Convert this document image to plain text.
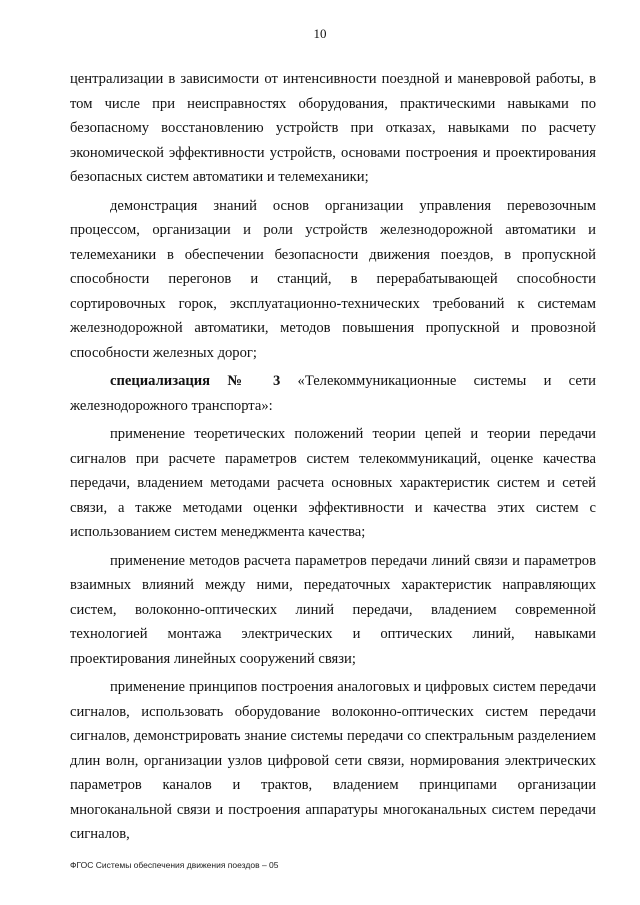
10

централизации в зависимости от интенсивности поездной и маневровой работы, в том числе при неисправностях оборудования, практическими навыками по безопасному восстановлению устройств при отказах, навыками по расчету экономической эффективности устройств, основами построения и проектирования безопасных систем автоматики и телемеханики;

демонстрация знаний основ организации управления перевозочным процессом, организации и роли устройств железнодорожной автоматики и телемеханики в обеспечении безопасности движения поездов, в пропускной способности перегонов и станций, в перерабатывающей способности сортировочных горок, эксплуатационно-технических требований к системам железнодорожной автоматики, методов повышения пропускной и провозной способности железных дорог;

специализация № 3 «Телекоммуникационные системы и сети железнодорожного транспорта»:

применение теоретических положений теории цепей и теории передачи сигналов при расчете параметров систем телекоммуникаций, оценке качества передачи, владением методами расчета основных характеристик систем и сетей связи, а также методами оценки эффективности и качества этих систем с использованием систем менеджмента качества;

применение методов расчета параметров передачи линий связи и параметров взаимных влияний между ними, передаточных характеристик направляющих систем, волоконно-оптических линий передачи, владением современной технологией монтажа электрических и оптических линий, навыками проектирования линейных сооружений связи;

применение принципов построения аналоговых и цифровых систем передачи сигналов, использовать оборудование волоконно-оптических систем передачи сигналов, демонстрировать знание системы передачи со спектральным разделением длин волн, организации узлов цифровой сети связи, нормирования электрических параметров каналов и трактов, владением принципами организации многоканальной связи и построения аппаратуры многоканальных систем передачи сигналов,

ФГОС Системы обеспечения движения поездов – 05
